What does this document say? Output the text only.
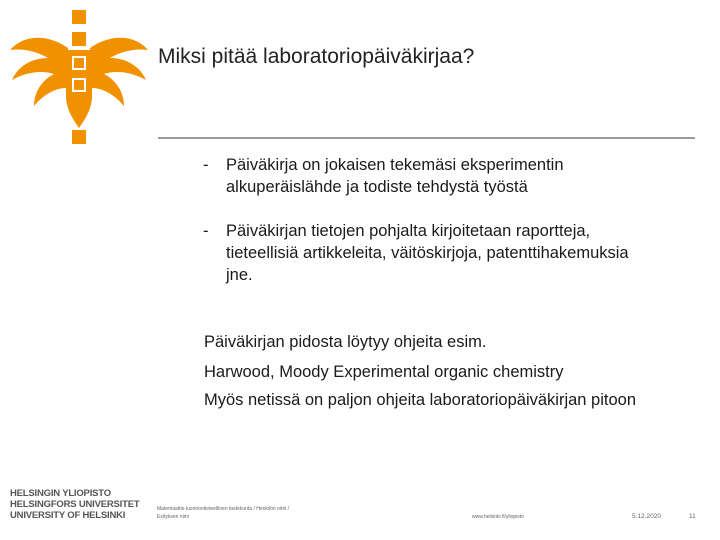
Miksi pitää laboratoriopäiväkirjaa?
- Päiväkirja on jokaisen tekemäsi eksperimentin
alkuperäislähde ja todiste tehdystä työstä
- Päiväkirjan tietojen pohjalta kirjoitetaan raportteja,
tieteellisiä artikkeleita, väitöskirjoja, patenttihakemuksia
jne.
Päiväkirjan pidosta löytyy ohjeita esim.
Harwood, Moody Experimental organic chemistry
Myös netissä on paljon ohjeita laboratoriopäiväkirjan pitoon
HELSINGIN YLIOPISTO
HELSINGFORS UNIVERSITET
UNIVERSITY OF HELSINKI
Matemaattis-luonnontieteellinen tiedekunta / Henkilön nimi /
Esityksen nimi	www.helsinki.fi/yliopisto	5.12.2020	11
